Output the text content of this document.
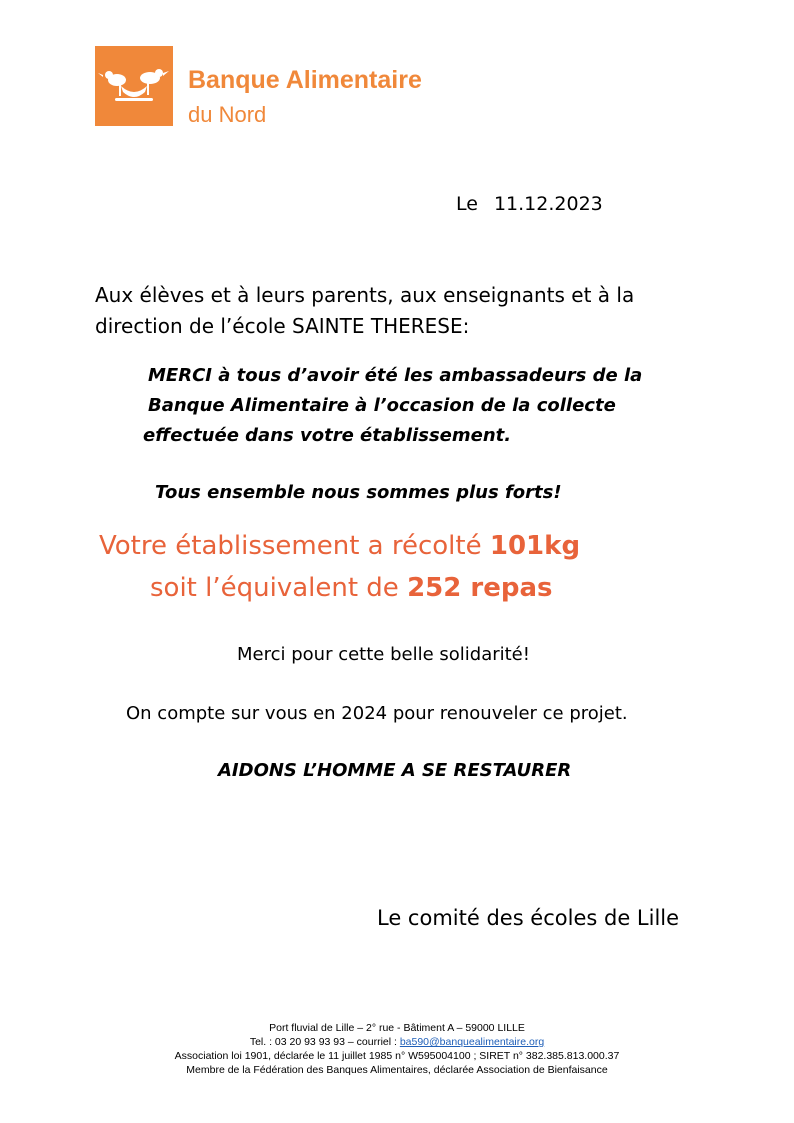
Banque Alimentaire
du Nord
Le 11.12.2023
Aux élèves et à leurs parents, aux enseignants et à la
direction de l’école SAINTE THERESE:
MERCI à tous d’avoir été les ambassadeurs de la
Banque Alimentaire à l’occasion de la collecte
effectuée dans votre établissement.
Tous ensemble nous sommes plus forts!
Votre établissement a récolté 101kg
soit l’équivalent de 252 repas
Merci pour cette belle solidarité!
On compte sur vous en 2024 pour renouveler ce projet.
AIDONS L’HOMME A SE RESTAURER
Le comité des écoles de Lille
Port fluvial de Lille – 2° rue - Bâtiment A – 59000 LILLE
Tel. : 03 20 93 93 93 – courriel : ba590@banquealimentaire.org
Association loi 1901, déclarée le 11 juillet 1985 n° W595004100 ; SIRET n° 382.385.813.000.37
Membre de la Fédération des Banques Alimentaires, déclarée Association de Bienfaisance
